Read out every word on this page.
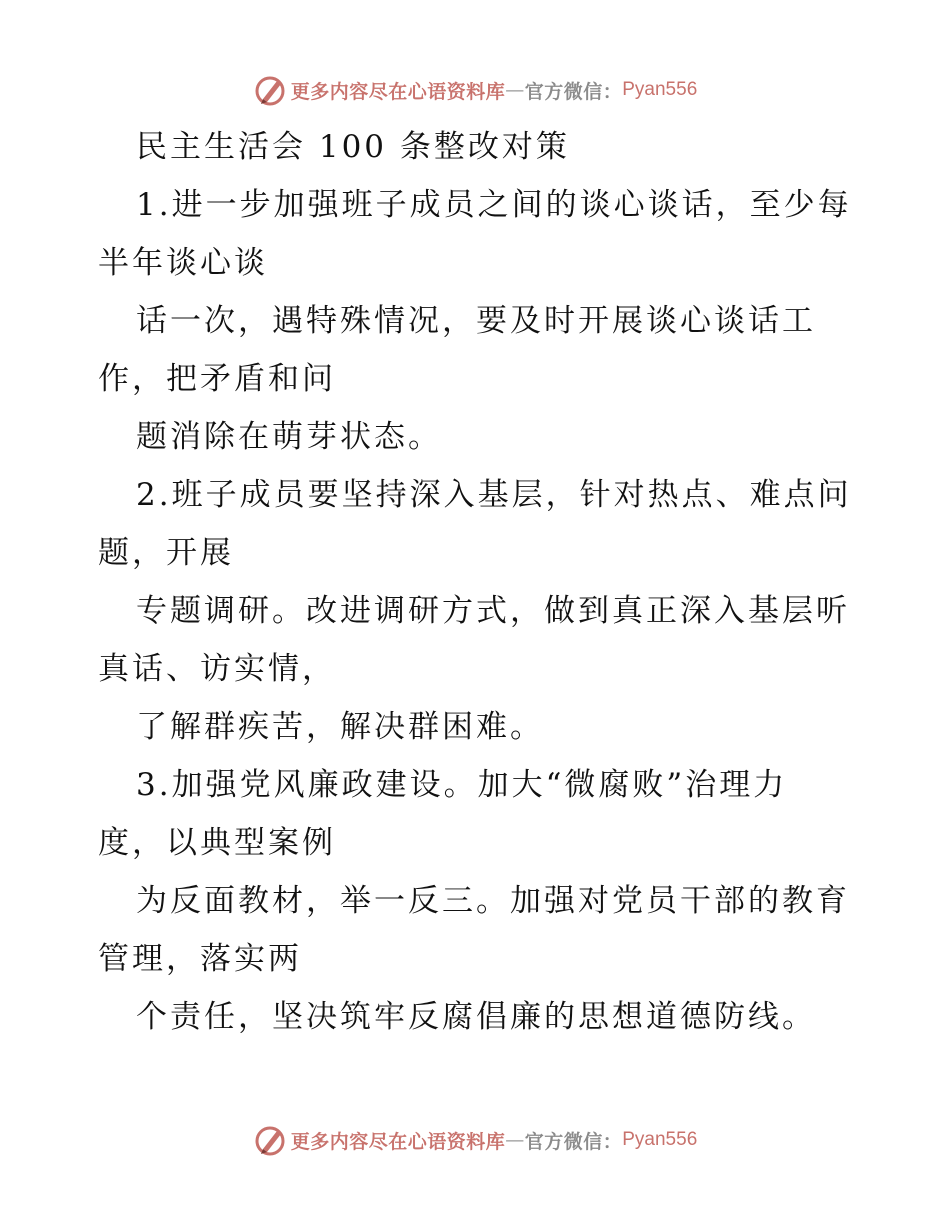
更多内容尽在心语资料库 — 官方微信： Pyan556
民主生活会 100 条整改对策
1.进一步加强班子成员之间的谈心谈话，至少每
半年谈心谈
话一次，遇特殊情况，要及时开展谈心谈话工
作，把矛盾和问
题消除在萌芽状态。
2.班子成员要坚持深入基层，针对热点、难点问
题，开展
专题调研。改进调研方式，做到真正深入基层听
真话、访实情，
了解群疾苦，解决群困难。
3.加强党风廉政建设。加大“微腐败”治理力
度，以典型案例
为反面教材，举一反三。加强对党员干部的教育
管理，落实两
个责任，坚决筑牢反腐倡廉的思想道德防线。
更多内容尽在心语资料库 — 官方微信： Pyan556
